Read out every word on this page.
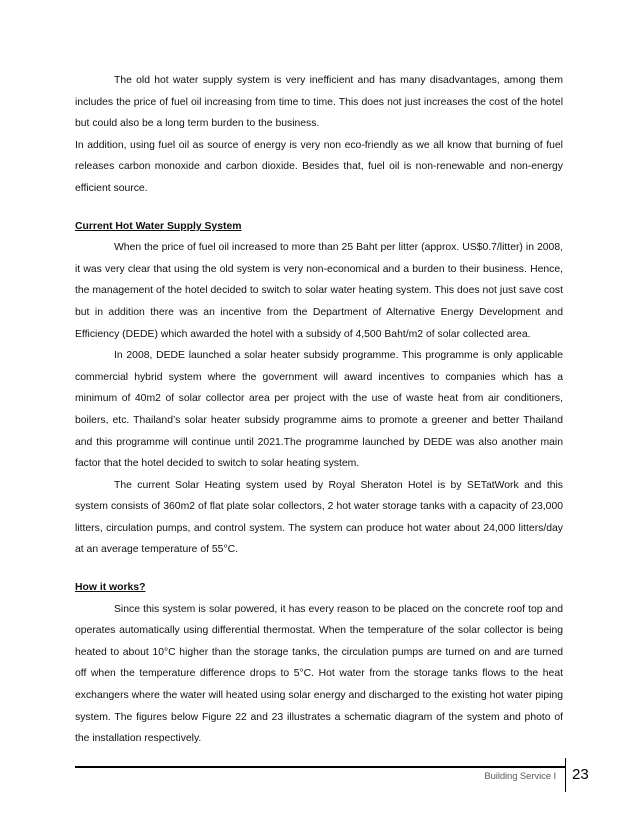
The old hot water supply system is very inefficient and has many disadvantages, among them includes the price of fuel oil increasing from time to time. This does not just increases the cost of the hotel but could also be a long term burden to the business.

In addition, using fuel oil as source of energy is very non eco-friendly as we all know that burning of fuel releases carbon monoxide and carbon dioxide. Besides that, fuel oil is non-renewable and non-energy efficient source.

Current Hot Water Supply System

When the price of fuel oil increased to more than 25 Baht per litter (approx. US$0.7/litter) in 2008, it was very clear that using the old system is very non-economical and a burden to their business. Hence, the management of the hotel decided to switch to solar water heating system. This does not just save cost but in addition there was an incentive from the Department of Alternative Energy Development and Efficiency (DEDE) which awarded the hotel with a subsidy of 4,500 Baht/m2 of solar collected area.

In 2008, DEDE launched a solar heater subsidy programme. This programme is only applicable commercial hybrid system where the government will award incentives to companies which has a minimum of 40m2 of solar collector area per project with the use of waste heat from air conditioners, boilers, etc. Thailand’s solar heater subsidy programme aims to promote a greener and better Thailand and this programme will continue until 2021.The programme launched by DEDE was also another main factor that the hotel decided to switch to solar heating system.

The current Solar Heating system used by Royal Sheraton Hotel is by SETatWork and this system consists of 360m2 of flat plate solar collectors, 2 hot water storage tanks with a capacity of 23,000 litters, circulation pumps, and control system. The system can produce hot water about 24,000 litters/day at an average temperature of 55°C.

How it works?

Since this system is solar powered, it has every reason to be placed on the concrete roof top and operates automatically using differential thermostat. When the temperature of the solar collector is being heated to about 10°C higher than the storage tanks, the circulation pumps are turned on and are turned off when the temperature difference drops to 5°C. Hot water from the storage tanks flows to the heat exchangers where the water will heated using solar energy and discharged to the existing hot water piping system. The figures below Figure 22 and 23 illustrates a schematic diagram of the system and photo of the installation respectively.

Building Service I 23
